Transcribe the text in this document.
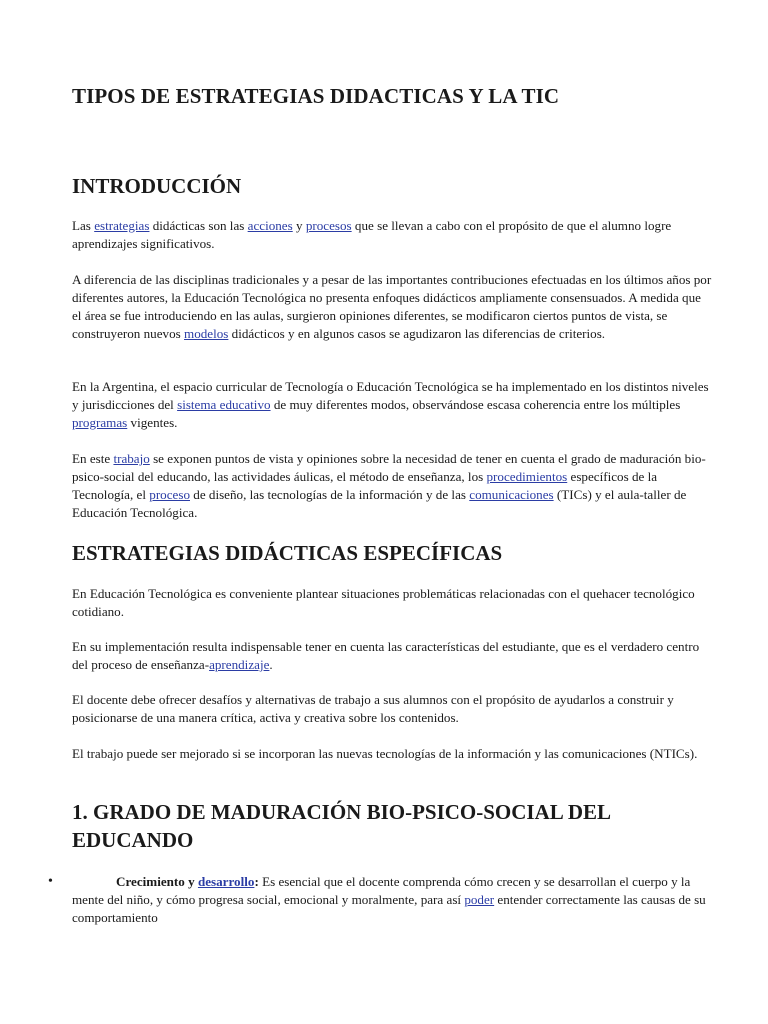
TIPOS DE ESTRATEGIAS DIDACTICAS Y LA TIC
INTRODUCCIÓN

Las estrategias didácticas son las acciones y procesos que se llevan a cabo con el propósito de que el alumno logre aprendizajes significativos.

A diferencia de las disciplinas tradicionales y a pesar de las importantes contribuciones efectuadas en los últimos años por diferentes autores, la Educación Tecnológica no presenta enfoques didácticos ampliamente consensuados. A medida que el área se fue introduciendo en las aulas, surgieron opiniones diferentes, se modificaron ciertos puntos de vista, se construyeron nuevos modelos didácticos y en algunos casos se agudizaron las diferencias de criterios.

En la Argentina, el espacio curricular de Tecnología o Educación Tecnológica se ha implementado en los distintos niveles y jurisdicciones del sistema educativo de muy diferentes modos, observándose escasa coherencia entre los múltiples programas vigentes.

En este trabajo se exponen puntos de vista y opiniones sobre la necesidad de tener en cuenta el grado de maduración bio-psico-social del educando, las actividades áulicas, el método de enseñanza, los procedimientos específicos de la Tecnología, el proceso de diseño, las tecnologías de la información y de las comunicaciones (TICs) y el aula-taller de Educación Tecnológica.

ESTRATEGIAS DIDÁCTICAS ESPECÍFICAS

En Educación Tecnológica es conveniente plantear situaciones problemáticas relacionadas con el quehacer tecnológico cotidiano.

En su implementación resulta indispensable tener en cuenta las características del estudiante, que es el verdadero centro del proceso de enseñanza-aprendizaje.

El docente debe ofrecer desafíos y alternativas de trabajo a sus alumnos con el propósito de ayudarlos a construir y posicionarse de una manera crítica, activa y creativa sobre los contenidos.

El trabajo puede ser mejorado si se incorporan las nuevas tecnologías de la información y las comunicaciones (NTICs).

1. GRADO DE MADURACIÓN BIO-PSICO-SOCIAL DEL
EDUCANDO
•	Crecimiento y desarrollo: Es esencial que el docente comprenda cómo crecen y se desarrollan el cuerpo y la mente del niño, y cómo progresa social, emocional y moralmente, para así poder entender correctamente las causas de su comportamiento
